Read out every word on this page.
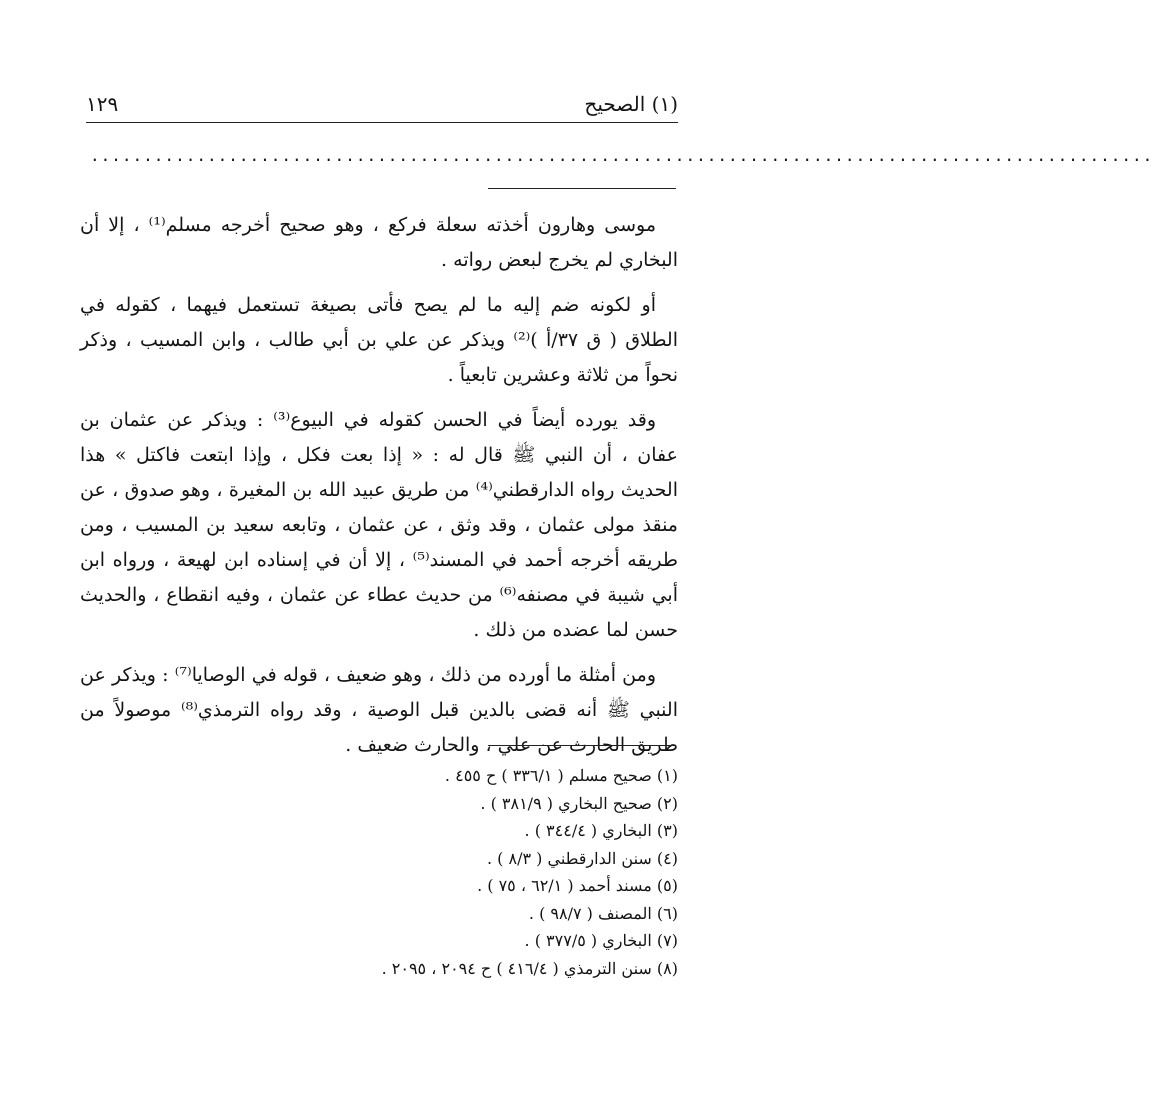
(١) الصحيح
١٢٩
....................................................................................................

موسى وهارون أخذته سعلة فركع ، وهو صحيح أخرجه مسلم⁽¹⁾ ، إلا أن البخاري لم يخرج لبعض رواته .

أو لكونه ضم إليه ما لم يصح فأتى بصيغة تستعمل فيهما ، كقوله في الطلاق ( ق ٣٧/أ )⁽²⁾ ويذكر عن علي بن أبي طالب ، وابن المسيب ، وذكر نحواً من ثلاثة وعشرين تابعياً .

وقد يورده أيضاً في الحسن كقوله في البيوع⁽³⁾ : ويذكر عن عثمان بن عفان ، أن النبي ﷺ قال له : « إذا بعت فكل ، وإذا ابتعت فاكتل » هذا الحديث رواه الدارقطني⁽⁴⁾ من طريق عبيد الله بن المغيرة ، وهو صدوق ، عن منقذ مولى عثمان ، وقد وثق ، عن عثمان ، وتابعه سعيد بن المسيب ، ومن طريقه أخرجه أحمد في المسند⁽⁵⁾ ، إلا أن في إسناده ابن لهيعة ، ورواه ابن أبي شيبة في مصنفه⁽⁶⁾ من حديث عطاء عن عثمان ، وفيه انقطاع ، والحديث حسن لما عضده من ذلك .

ومن أمثلة ما أورده من ذلك ، وهو ضعيف ، قوله في الوصايا⁽⁷⁾ : ويذكر عن النبي ﷺ أنه قضى بالدين قبل الوصية ، وقد رواه الترمذي⁽⁸⁾ موصولاً من طريق الحارث عن علي ، والحارث ضعيف .

(١) صحيح مسلم ( ٣٣٦/١ ) ح ٤٥٥ .
(٢) صحيح البخاري ( ٣٨١/٩ ) .
(٣) البخاري ( ٣٤٤/٤ ) .
(٤) سنن الدارقطني ( ٨/٣ ) .
(٥) مسند أحمد ( ٦٢/١ ، ٧٥ ) .
(٦) المصنف ( ٩٨/٧ ) .
(٧) البخاري ( ٣٧٧/٥ ) .
(٨) سنن الترمذي ( ٤١٦/٤ ) ح ٢٠٩٤ ، ٢٠٩٥ .
